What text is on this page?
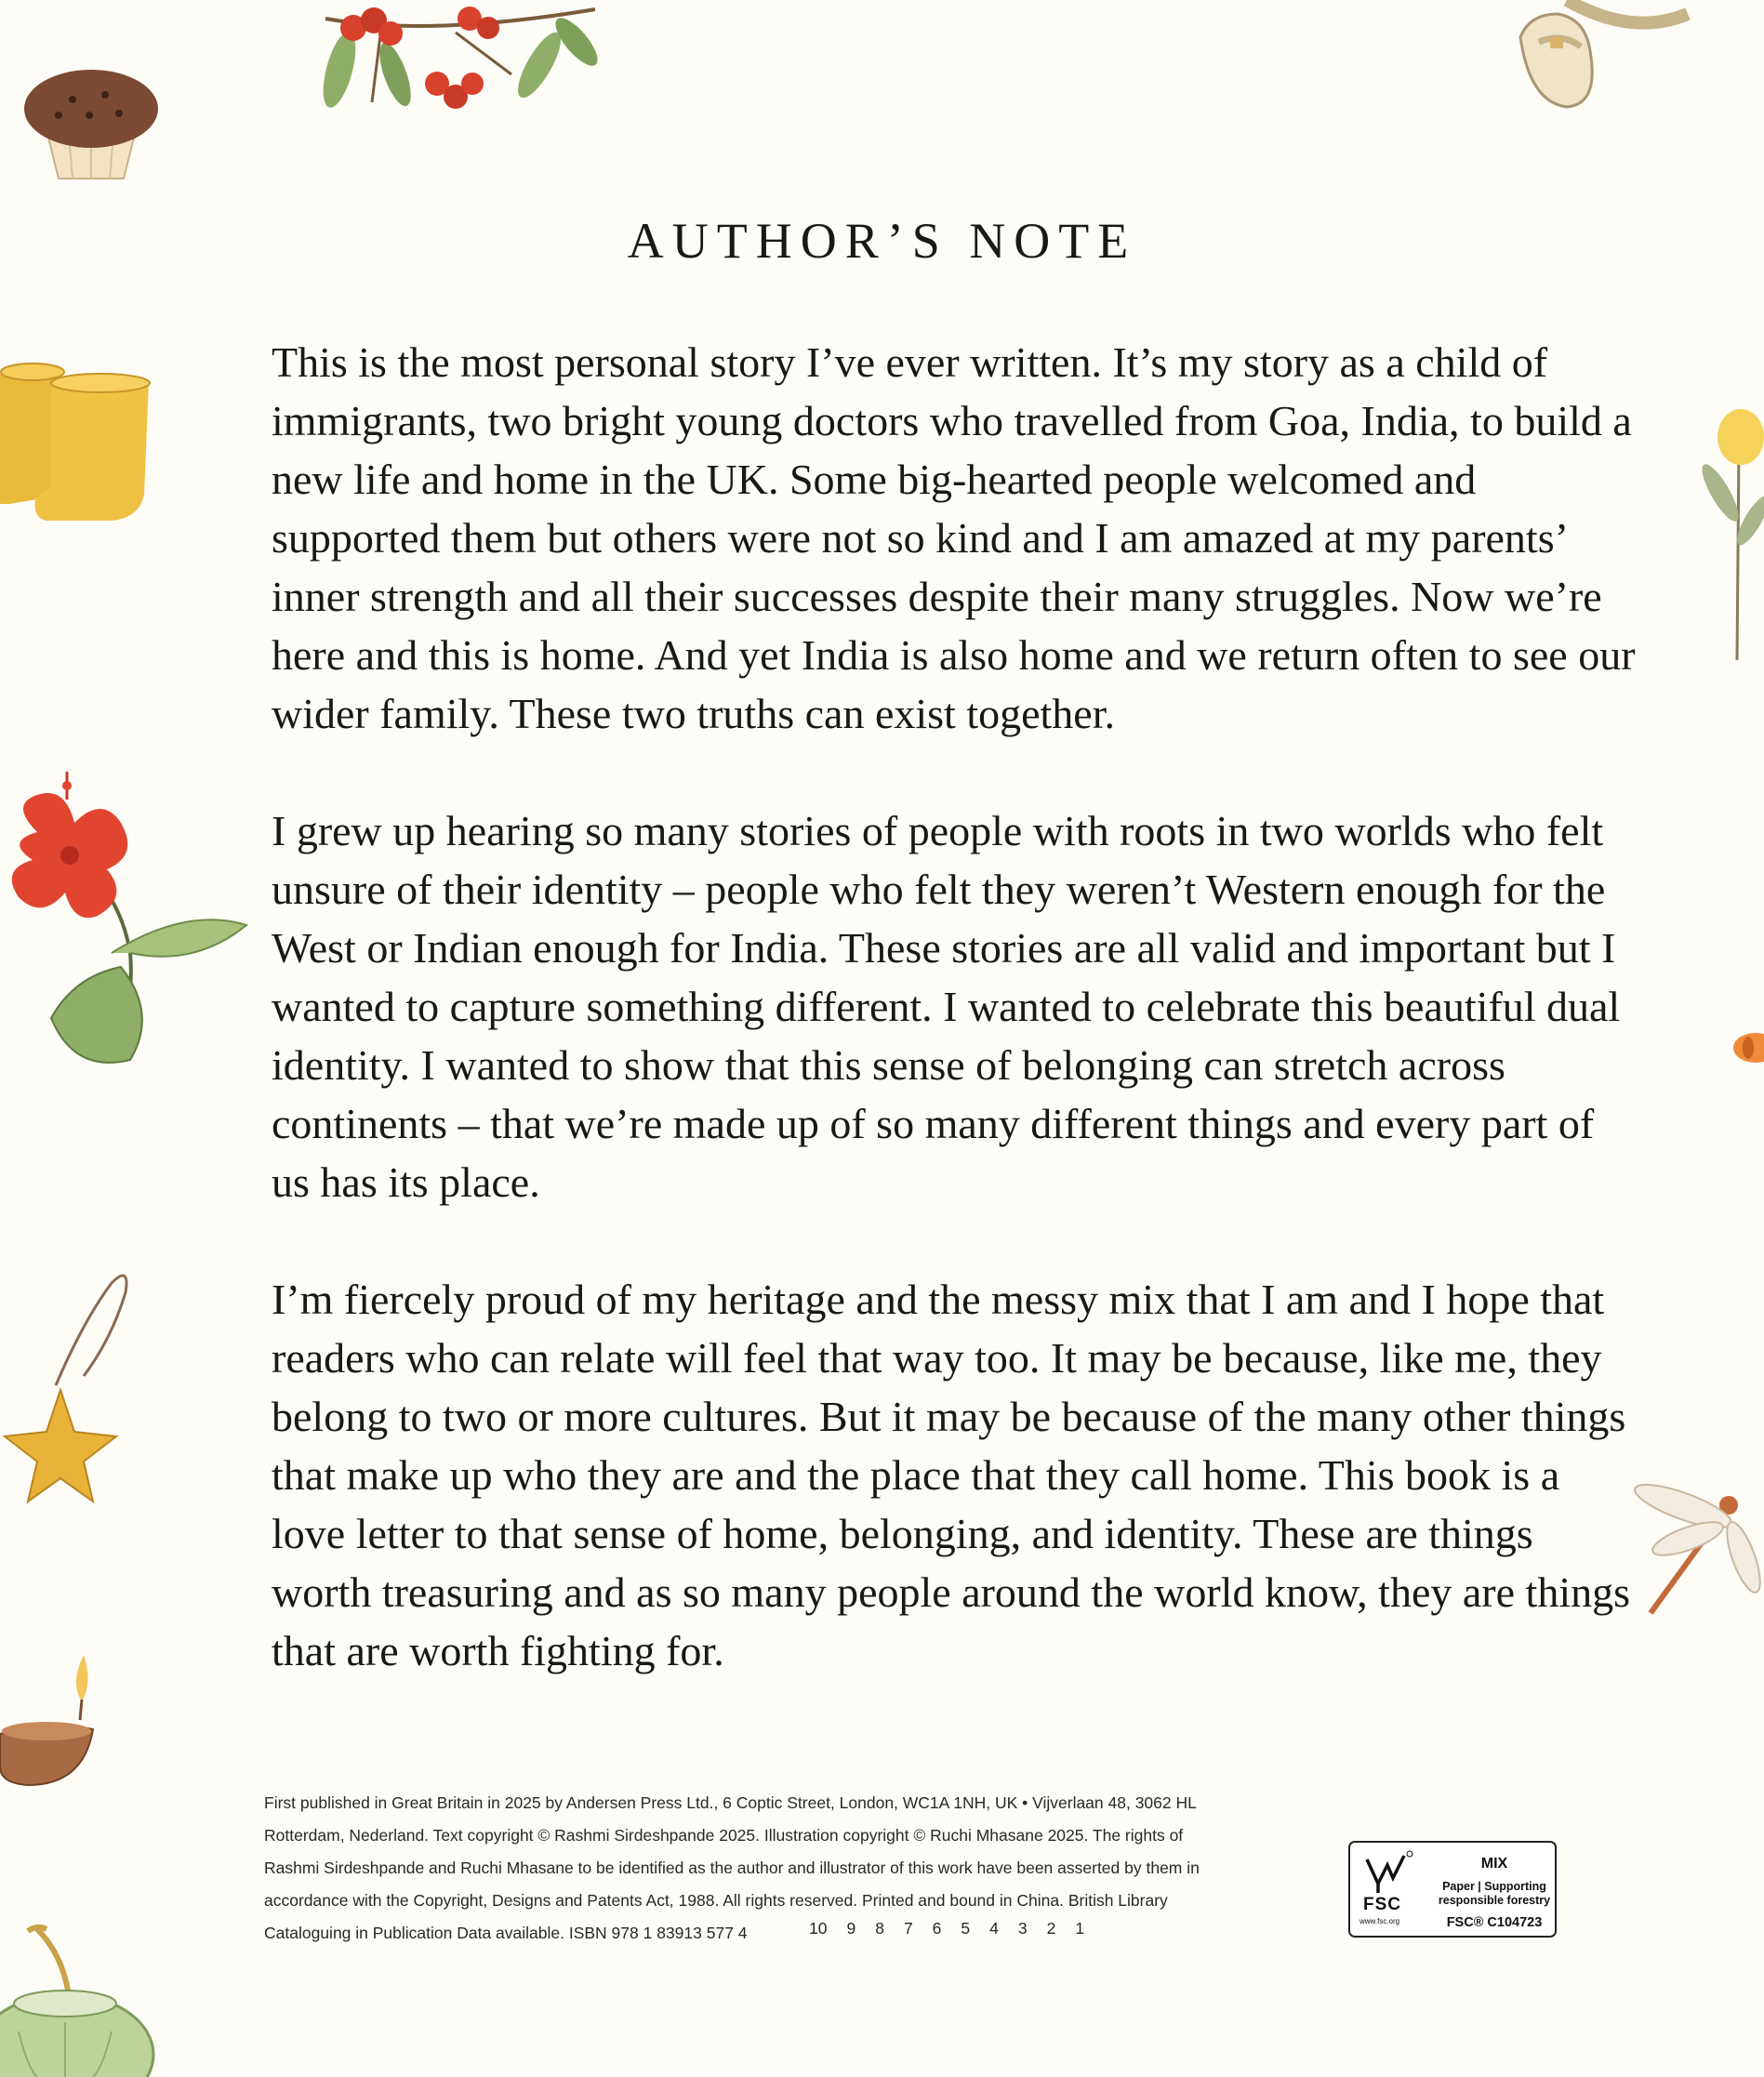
AUTHOR’S NOTE

This is the most personal story I’ve ever written. It’s my story as a child of immigrants, two bright young doctors who travelled from Goa, India, to build a new life and home in the UK. Some big-hearted people welcomed and supported them but others were not so kind and I am amazed at my parents’ inner strength and all their successes despite their many struggles. Now we’re here and this is home. And yet India is also home and we return often to see our wider family. These two truths can exist together.

I grew up hearing so many stories of people with roots in two worlds who felt unsure of their identity – people who felt they weren’t Western enough for the West or Indian enough for India. These stories are all valid and important but I wanted to capture something different. I wanted to celebrate this beautiful dual identity. I wanted to show that this sense of belonging can stretch across continents – that we’re made up of so many different things and every part of us has its place.

I’m fiercely proud of my heritage and the messy mix that I am and I hope that readers who can relate will feel that way too. It may be because, like me, they belong to two or more cultures. But it may be because of the many other things that make up who they are and the place that they call home. This book is a love letter to that sense of home, belonging, and identity. These are things worth treasuring and as so many people around the world know, they are things that are worth fighting for.

First published in Great Britain in 2025 by Andersen Press Ltd., 6 Coptic Street, London, WC1A 1NH, UK • Vijverlaan 48, 3062 HL
Rotterdam, Nederland. Text copyright © Rashmi Sirdeshpande 2025. Illustration copyright © Ruchi Mhasane 2025. The rights of
Rashmi Sirdeshpande and Ruchi Mhasane to be identified as the author and illustrator of this work have been asserted by them in
accordance with the Copyright, Designs and Patents Act, 1988. All rights reserved. Printed and bound in China. British Library
Cataloguing in Publication Data available. ISBN 978 1 83913 577 4	10 9 8 7 6 5 4 3 2 1
FSC
www.fsc.org
MIX
Paper | Supporting responsible forestry
FSC® C104723
